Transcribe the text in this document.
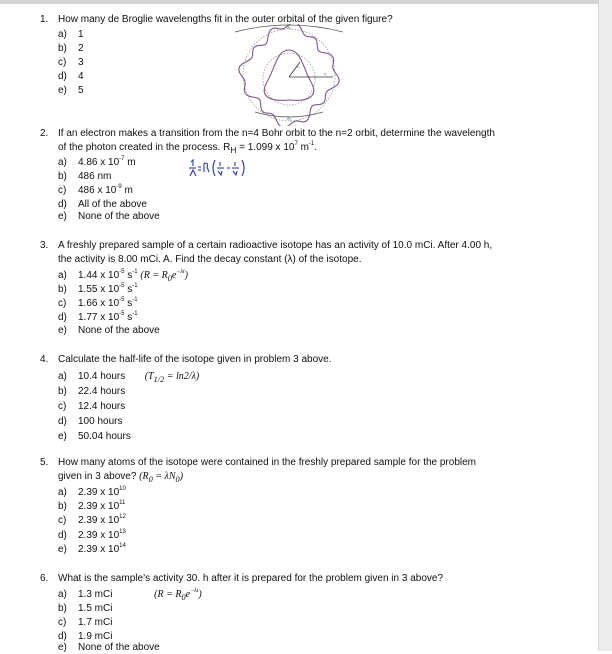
1. How many de Broglie wavelengths fit in the outer orbital of the given figure?
a) 1
b) 2
c) 3
d) 4
e) 5
2. If an electron makes a transition from the n=4 Bohr orbit to the n=2 orbit, determine the wavelength
of the photon created in the process. $R_H = 1.099$ x $10^7$ $m^{-1}$.
a) 4.86 x $10^{-7}$ m
b) 486 nm
c) 486 x $10^{-9}$ m
d) All of the above
e) None of the above
3. A freshly prepared sample of a certain radioactive isotope has an activity of 10.0 mCi. After 4.00 h,
the activity is 8.00 mCi. A. Find the decay constant (λ) of the isotope.
a) 1.44 x $10^{-5}$ $s^{-1}$ $(R = R_0e^{-\lambda t})$
b) 1.55 x $10^{-5}$ $s^{-1}$
c) 1.66 x $10^{-5}$ $s^{-1}$
d) 1.77 x $10^{-5}$ $s^{-1}$
e) None of the above
4. Calculate the half-life of the isotope given in problem 3 above.
a) 10.4 hours       $(T_{1/2} = \ln 2/\lambda)$
b) 22.4 hours
c) 12.4 hours
d) 100 hours
e) 50.04 hours
5. How many atoms of the isotope were contained in the freshly prepared sample for the problem
given in 3 above? $(R_0 = \lambda N_0)$
a) 2.39 x $10^{10}$
b) 2.39 x $10^{11}$
c) 2.39 x $10^{12}$
d) 2.39 x $10^{13}$
e) 2.39 x $10^{14}$
6. What is the sample’s activity 30. h after it is prepared for the problem given in 3 above?
a) 1.3 mCi               $(R = R_0e^{-\lambda t})$
b) 1.5 mCi
c) 1.7 mCi
d) 1.9 mCi
e) None of the above
λ₁
λ₂
r₁
r₂
